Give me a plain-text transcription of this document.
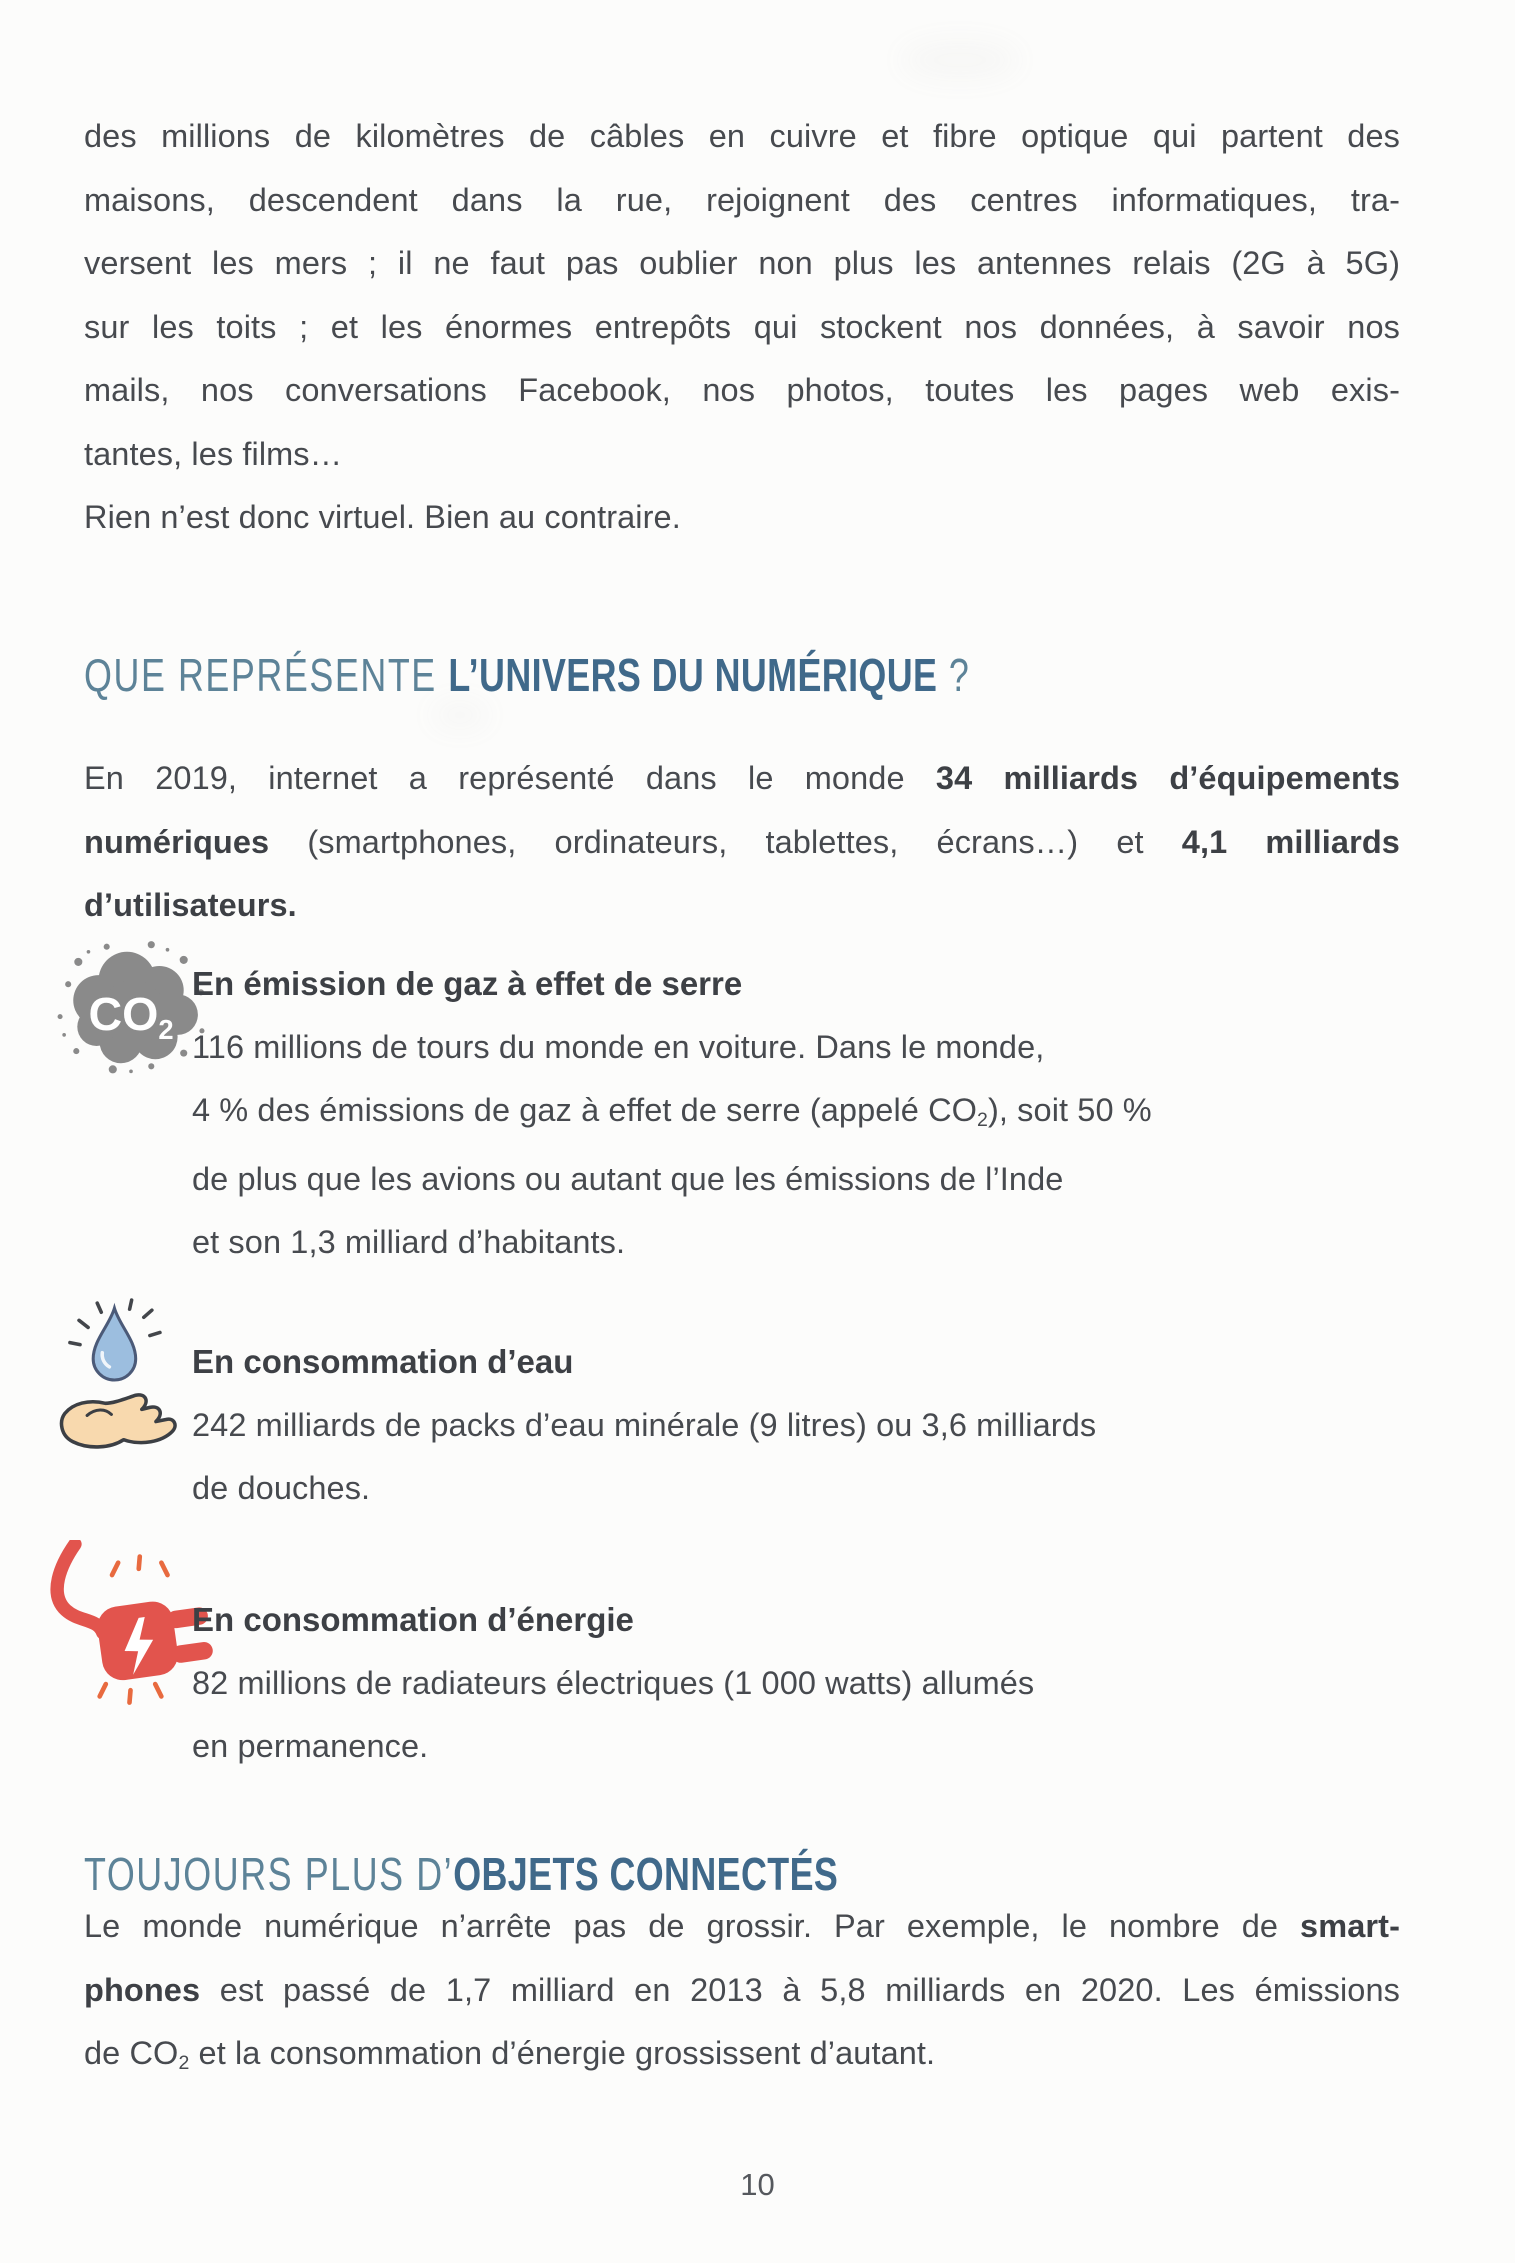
des millions de kilomètres de câbles en cuivre et fibre optique qui partent des
maisons, descendent dans la rue, rejoignent des centres informatiques, tra-
versent les mers ; il ne faut pas oublier non plus les antennes relais (2G à 5G)
sur les toits ; et les énormes entrepôts qui stockent nos données, à savoir nos
mails, nos conversations Facebook, nos photos, toutes les pages web exis-
tantes, les films…
Rien n’est donc virtuel. Bien au contraire.
QUE REPRÉSENTE L’UNIVERS DU NUMÉRIQUE ?
En 2019, internet a représenté dans le monde 34 milliards d’équipements
numériques (smartphones, ordinateurs, tablettes, écrans…) et 4,1 milliards
d’utilisateurs.
CO2
En émission de gaz à effet de serre
116 millions de tours du monde en voiture. Dans le monde,
4 % des émissions de gaz à effet de serre (appelé CO2), soit 50 %
de plus que les avions ou autant que les émissions de l’Inde
et son 1,3 milliard d’habitants.
En consommation d’eau
242 milliards de packs d’eau minérale (9 litres) ou 3,6 milliards
de douches.
En consommation d’énergie
82 millions de radiateurs électriques (1 000 watts) allumés
en permanence.
TOUJOURS PLUS D’OBJETS CONNECTÉS
Le monde numérique n’arrête pas de grossir. Par exemple, le nombre de smart-
phones est passé de 1,7 milliard en 2013 à 5,8 milliards en 2020. Les émissions
de CO2 et la consommation d’énergie grossissent d’autant.
10
